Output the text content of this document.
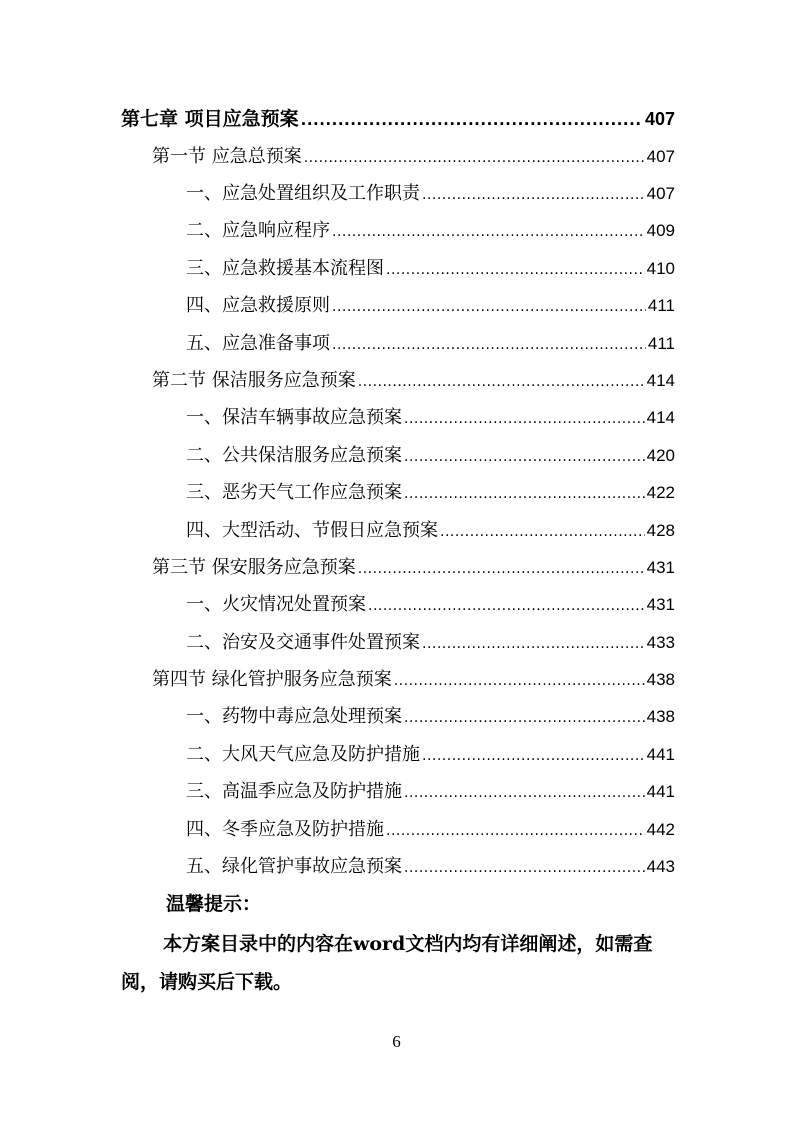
第七章 项目应急预案 .....	407
第一节 应急总预案 .....	407
一、应急处置组织及工作职责 .....	407
二、应急响应程序 .....	409
三、应急救援基本流程图 .....	410
四、应急救援原则 .....	411
五、应急准备事项 .....	411
第二节 保洁服务应急预案 .....	414
一、保洁车辆事故应急预案 .....	414
二、公共保洁服务应急预案 .....	420
三、恶劣天气工作应急预案 .....	422
四、大型活动、节假日应急预案 .....	428
第三节 保安服务应急预案 .....	431
一、火灾情况处置预案 .....	431
二、治安及交通事件处置预案 .....	433
第四节 绿化管护服务应急预案 .....	438
一、药物中毒应急处理预案 .....	438
二、大风天气应急及防护措施 .....	441
三、高温季应急及防护措施 .....	441
四、冬季应急及防护措施 .....	442
五、绿化管护事故应急预案 .....	443
温馨提示：

本方案目录中的内容在word文档内均有详细阐述，如需查阅，请购买后下载。

6
